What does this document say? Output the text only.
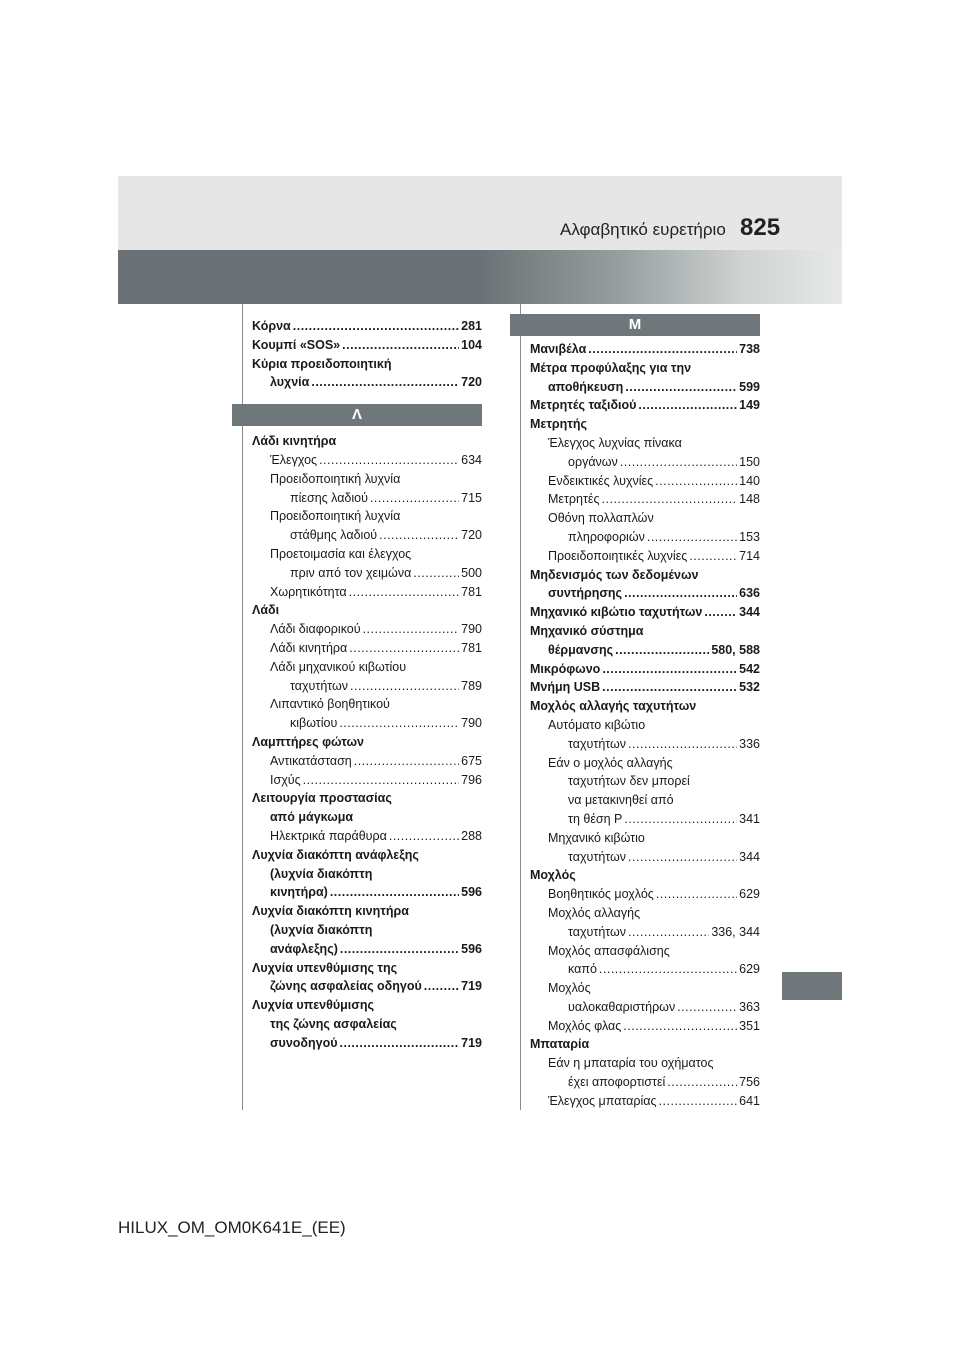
Αλφαβητικό ευρετήριο 825
Κόρνα .....	281
Κουμπί «SOS» .....	104
Κύρια προειδοποιητική
λυχνία .....	720
Λ
Λάδι κινητήρα
Έλεγχος .....	634
Προειδοποιητική λυχνία
πίεσης λαδιού .....	715
Προειδοποιητική λυχνία
στάθμης λαδιού .....	720
Προετοιμασία και έλεγχος
πριν από τον χειμώνα .....	500
Χωρητικότητα .....	781
Λάδι
Λάδι διαφορικού .....	790
Λάδι κινητήρα .....	781
Λάδι μηχανικού κιβωτίου
ταχυτήτων .....	789
Λιπαντικό βοηθητικού
κιβωτίου .....	790
Λαμπτήρες φώτων
Αντικατάσταση .....	675
Ισχύς .....	796
Λειτουργία προστασίας
από μάγκωμα
Ηλεκτρικά παράθυρα .....	288
Λυχνία διακόπτη ανάφλεξης
(λυχνία διακόπτη
κινητήρα) .....	596
Λυχνία διακόπτη κινητήρα
(λυχνία διακόπτη
ανάφλεξης) .....	596
Λυχνία υπενθύμισης της
ζώνης ασφαλείας οδηγού .....	719
Λυχνία υπενθύμισης
της ζώνης ασφαλείας
συνοδηγού .....	719
Μ
Μανιβέλα .....	738
Μέτρα προφύλαξης για την
αποθήκευση .....	599
Μετρητές ταξιδιού .....	149
Μετρητής
Έλεγχος λυχνίας πίνακα
οργάνων .....	150
Ενδεικτικές λυχνίες .....	140
Μετρητές .....	148
Οθόνη πολλαπλών
πληροφοριών .....	153
Προειδοποιητικές λυχνίες .....	714
Μηδενισμός των δεδομένων
συντήρησης .....	636
Μηχανικό κιβώτιο ταχυτήτων .....	344
Μηχανικό σύστημα
θέρμανσης .....	580, 588
Μικρόφωνο .....	542
Μνήμη USB .....	532
Μοχλός αλλαγής ταχυτήτων
Αυτόματο κιβώτιο
ταχυτήτων .....	336
Εάν ο μοχλός αλλαγής
ταχυτήτων δεν μπορεί
να μετακινηθεί από
τη θέση P .....	341
Μηχανικό κιβώτιο
ταχυτήτων .....	344
Μοχλός
Βοηθητικός μοχλός .....	629
Μοχλός αλλαγής
ταχυτήτων .....	336, 344
Μοχλός απασφάλισης
καπό .....	629
Μοχλός
υαλοκαθαριστήρων .....	363
Μοχλός φλας .....	351
Μπαταρία
Εάν η μπαταρία του οχήματος
έχει αποφορτιστεί .....	756
Έλεγχος μπαταρίας .....	641
HILUX_OM_OM0K641E_(EE)
